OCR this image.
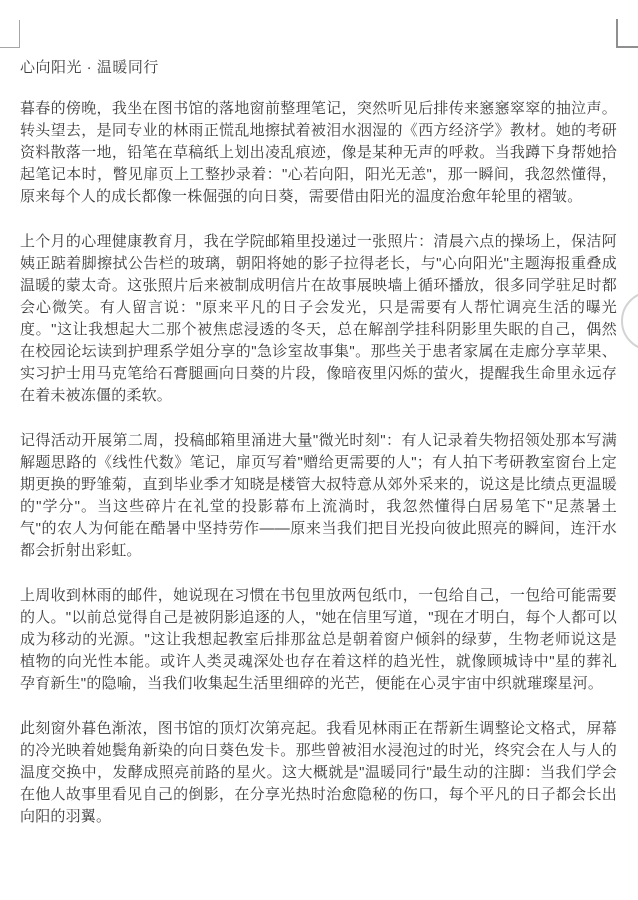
心向阳光 · 温暖同行

暮春的傍晚，我坐在图书馆的落地窗前整理笔记，突然听见后排传来窸窸窣窣的抽泣声。转头望去，是同专业的林雨正慌乱地擦拭着被泪水洇湿的《西方经济学》教材。她的考研资料散落一地，铅笔在草稿纸上划出凌乱痕迹，像是某种无声的呼救。当我蹲下身帮她拾起笔记本时，瞥见扉页上工整抄录着："心若向阳，阳光无恙"，那一瞬间，我忽然懂得，原来每个人的成长都像一株倔强的向日葵，需要借由阳光的温度治愈年轮里的褶皱。

上个月的心理健康教育月，我在学院邮箱里投递过一张照片：清晨六点的操场上，保洁阿姨正踮着脚擦拭公告栏的玻璃，朝阳将她的影子拉得老长，与"心向阳光"主题海报重叠成温暖的蒙太奇。这张照片后来被制成明信片在故事展映墙上循环播放，很多同学驻足时都会心微笑。有人留言说："原来平凡的日子会发光，只是需要有人帮忙调亮生活的曝光度。"这让我想起大二那个被焦虑浸透的冬天，总在解剖学挂科阴影里失眠的自己，偶然在校园论坛读到护理系学姐分享的"急诊室故事集"。那些关于患者家属在走廊分享苹果、实习护士用马克笔给石膏腿画向日葵的片段，像暗夜里闪烁的萤火，提醒我生命里永远存在着未被冻僵的柔软。

记得活动开展第二周，投稿邮箱里涌进大量"微光时刻"：有人记录着失物招领处那本写满解题思路的《线性代数》笔记，扉页写着"赠给更需要的人"；有人拍下考研教室窗台上定期更换的野雏菊，直到毕业季才知晓是楼管大叔特意从郊外采来的，说这是比绩点更温暖的"学分"。当这些碎片在礼堂的投影幕布上流淌时，我忽然懂得白居易笔下"足蒸暑土气"的农人为何能在酷暑中坚持劳作——原来当我们把目光投向彼此照亮的瞬间，连汗水都会折射出彩虹。

上周收到林雨的邮件，她说现在习惯在书包里放两包纸巾，一包给自己，一包给可能需要的人。"以前总觉得自己是被阴影追逐的人，"她在信里写道，"现在才明白，每个人都可以成为移动的光源。"这让我想起教室后排那盆总是朝着窗户倾斜的绿萝，生物老师说这是植物的向光性本能。或许人类灵魂深处也存在着这样的趋光性，就像顾城诗中"星的葬礼孕育新生"的隐喻，当我们收集起生活里细碎的光芒，便能在心灵宇宙中织就璀璨星河。

此刻窗外暮色渐浓，图书馆的顶灯次第亮起。我看见林雨正在帮新生调整论文格式，屏幕的冷光映着她鬓角新染的向日葵色发卡。那些曾被泪水浸泡过的时光，终究会在人与人的温度交换中，发酵成照亮前路的星火。这大概就是"温暖同行"最生动的注脚：当我们学会在他人故事里看见自己的倒影，在分享光热时治愈隐秘的伤口，每个平凡的日子都会长出向阳的羽翼。
